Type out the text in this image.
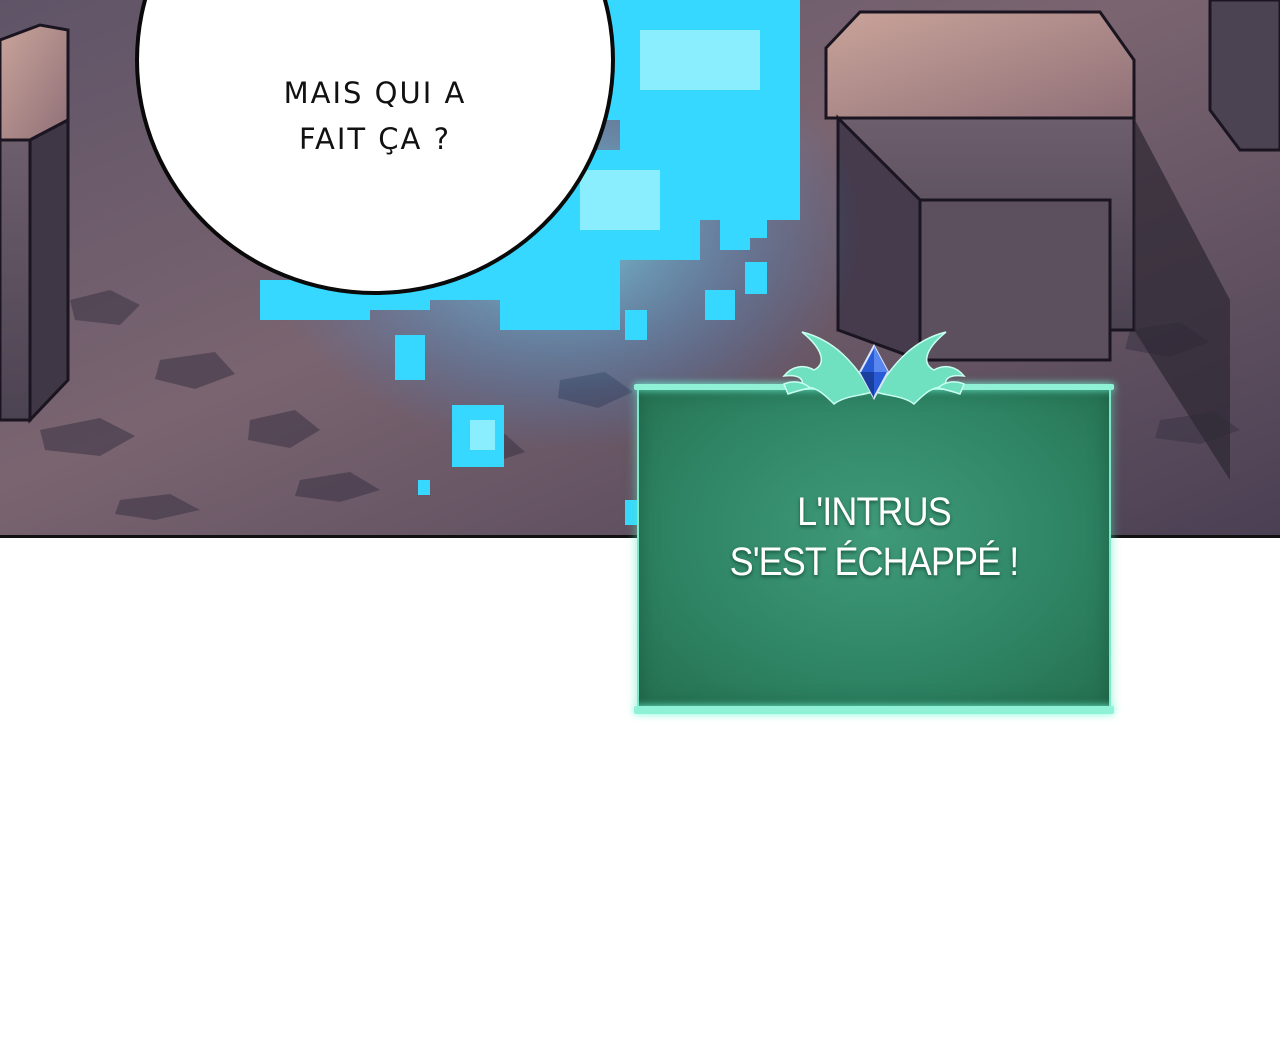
MAIS QUI A
FAIT ÇA ?
L'INTRUS
S'EST ÉCHAPPÉ !
